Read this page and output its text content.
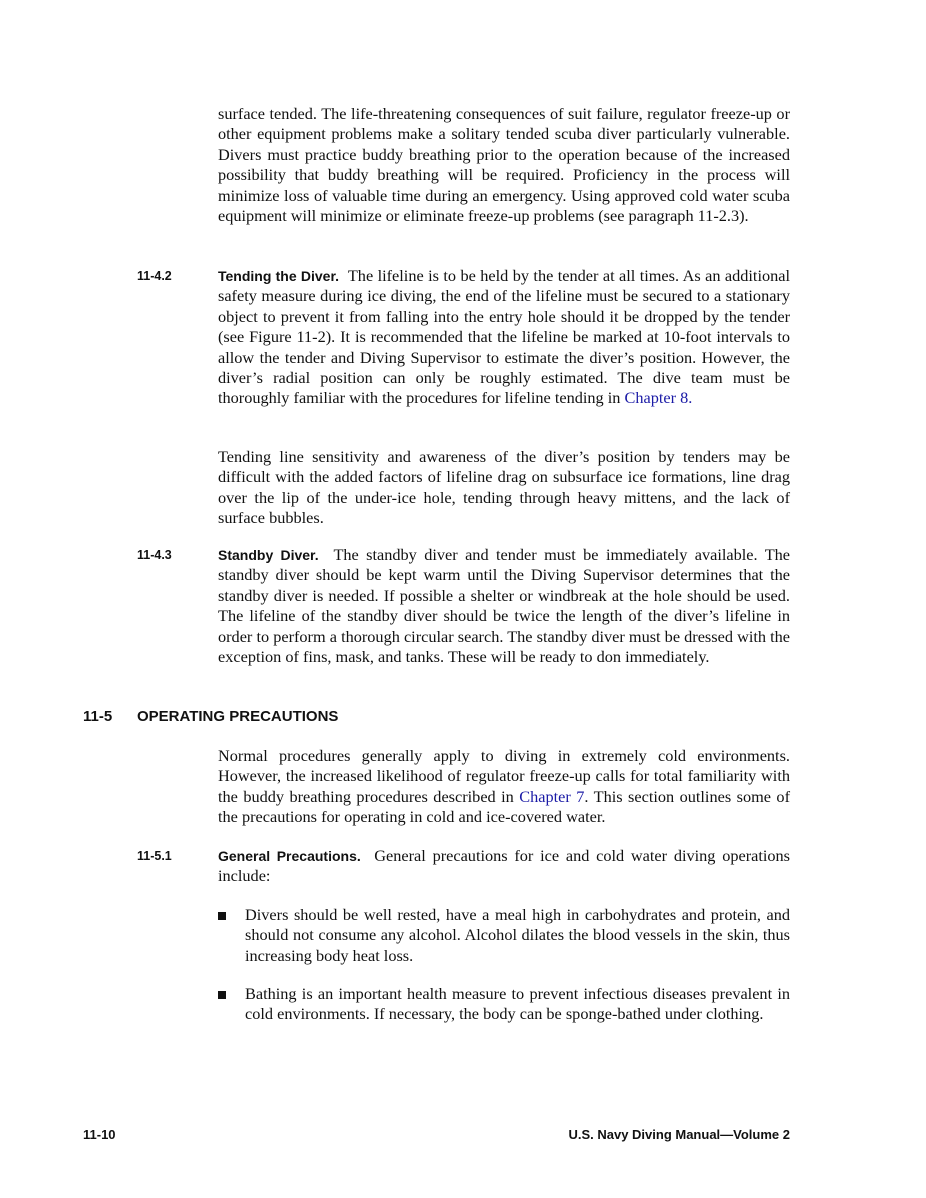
surface tended. The life-threatening consequences of suit failure, regulator freeze-up or other equipment problems make a solitary tended scuba diver particularly vulnerable. Divers must practice buddy breathing prior to the operation because of the increased possibility that buddy breathing will be required. Proficiency in the process will minimize loss of valuable time during an emergency. Using approved cold water scuba equipment will minimize or eliminate freeze-up problems (see paragraph 11-2.3).

11-4.2	Tending the Diver. The lifeline is to be held by the tender at all times. As an additional safety measure during ice diving, the end of the lifeline must be secured to a stationary object to prevent it from falling into the entry hole should it be dropped by the tender (see Figure 11-2). It is recommended that the lifeline be marked at 10-foot intervals to allow the tender and Diving Supervisor to estimate the diver’s position. However, the diver’s radial position can only be roughly estimated. The dive team must be thoroughly familiar with the procedures for lifeline tending in Chapter 8.

Tending line sensitivity and awareness of the diver’s position by tenders may be difficult with the added factors of lifeline drag on subsurface ice formations, line drag over the lip of the under-ice hole, tending through heavy mittens, and the lack of surface bubbles.

11-4.3	Standby Diver. The standby diver and tender must be immediately available. The standby diver should be kept warm until the Diving Supervisor determines that the standby diver is needed. If possible a shelter or windbreak at the hole should be used. The lifeline of the standby diver should be twice the length of the diver’s lifeline in order to perform a thorough circular search. The standby diver must be dressed with the exception of fins, mask, and tanks. These will be ready to don immediately.

11-5 OPERATING PRECAUTIONS

Normal procedures generally apply to diving in extremely cold environments. However, the increased likelihood of regulator freeze-up calls for total familiarity with the buddy breathing procedures described in Chapter 7. This section outlines some of the precautions for operating in cold and ice-covered water.

11-5.1	General Precautions. General precautions for ice and cold water diving operations include:

Divers should be well rested, have a meal high in carbohydrates and protein, and should not consume any alcohol. Alcohol dilates the blood vessels in the skin, thus increasing body heat loss.

Bathing is an important health measure to prevent infectious diseases prevalent in cold environments. If necessary, the body can be sponge-bathed under clothing.

11-10	U.S. Navy Diving Manual—Volume 2
